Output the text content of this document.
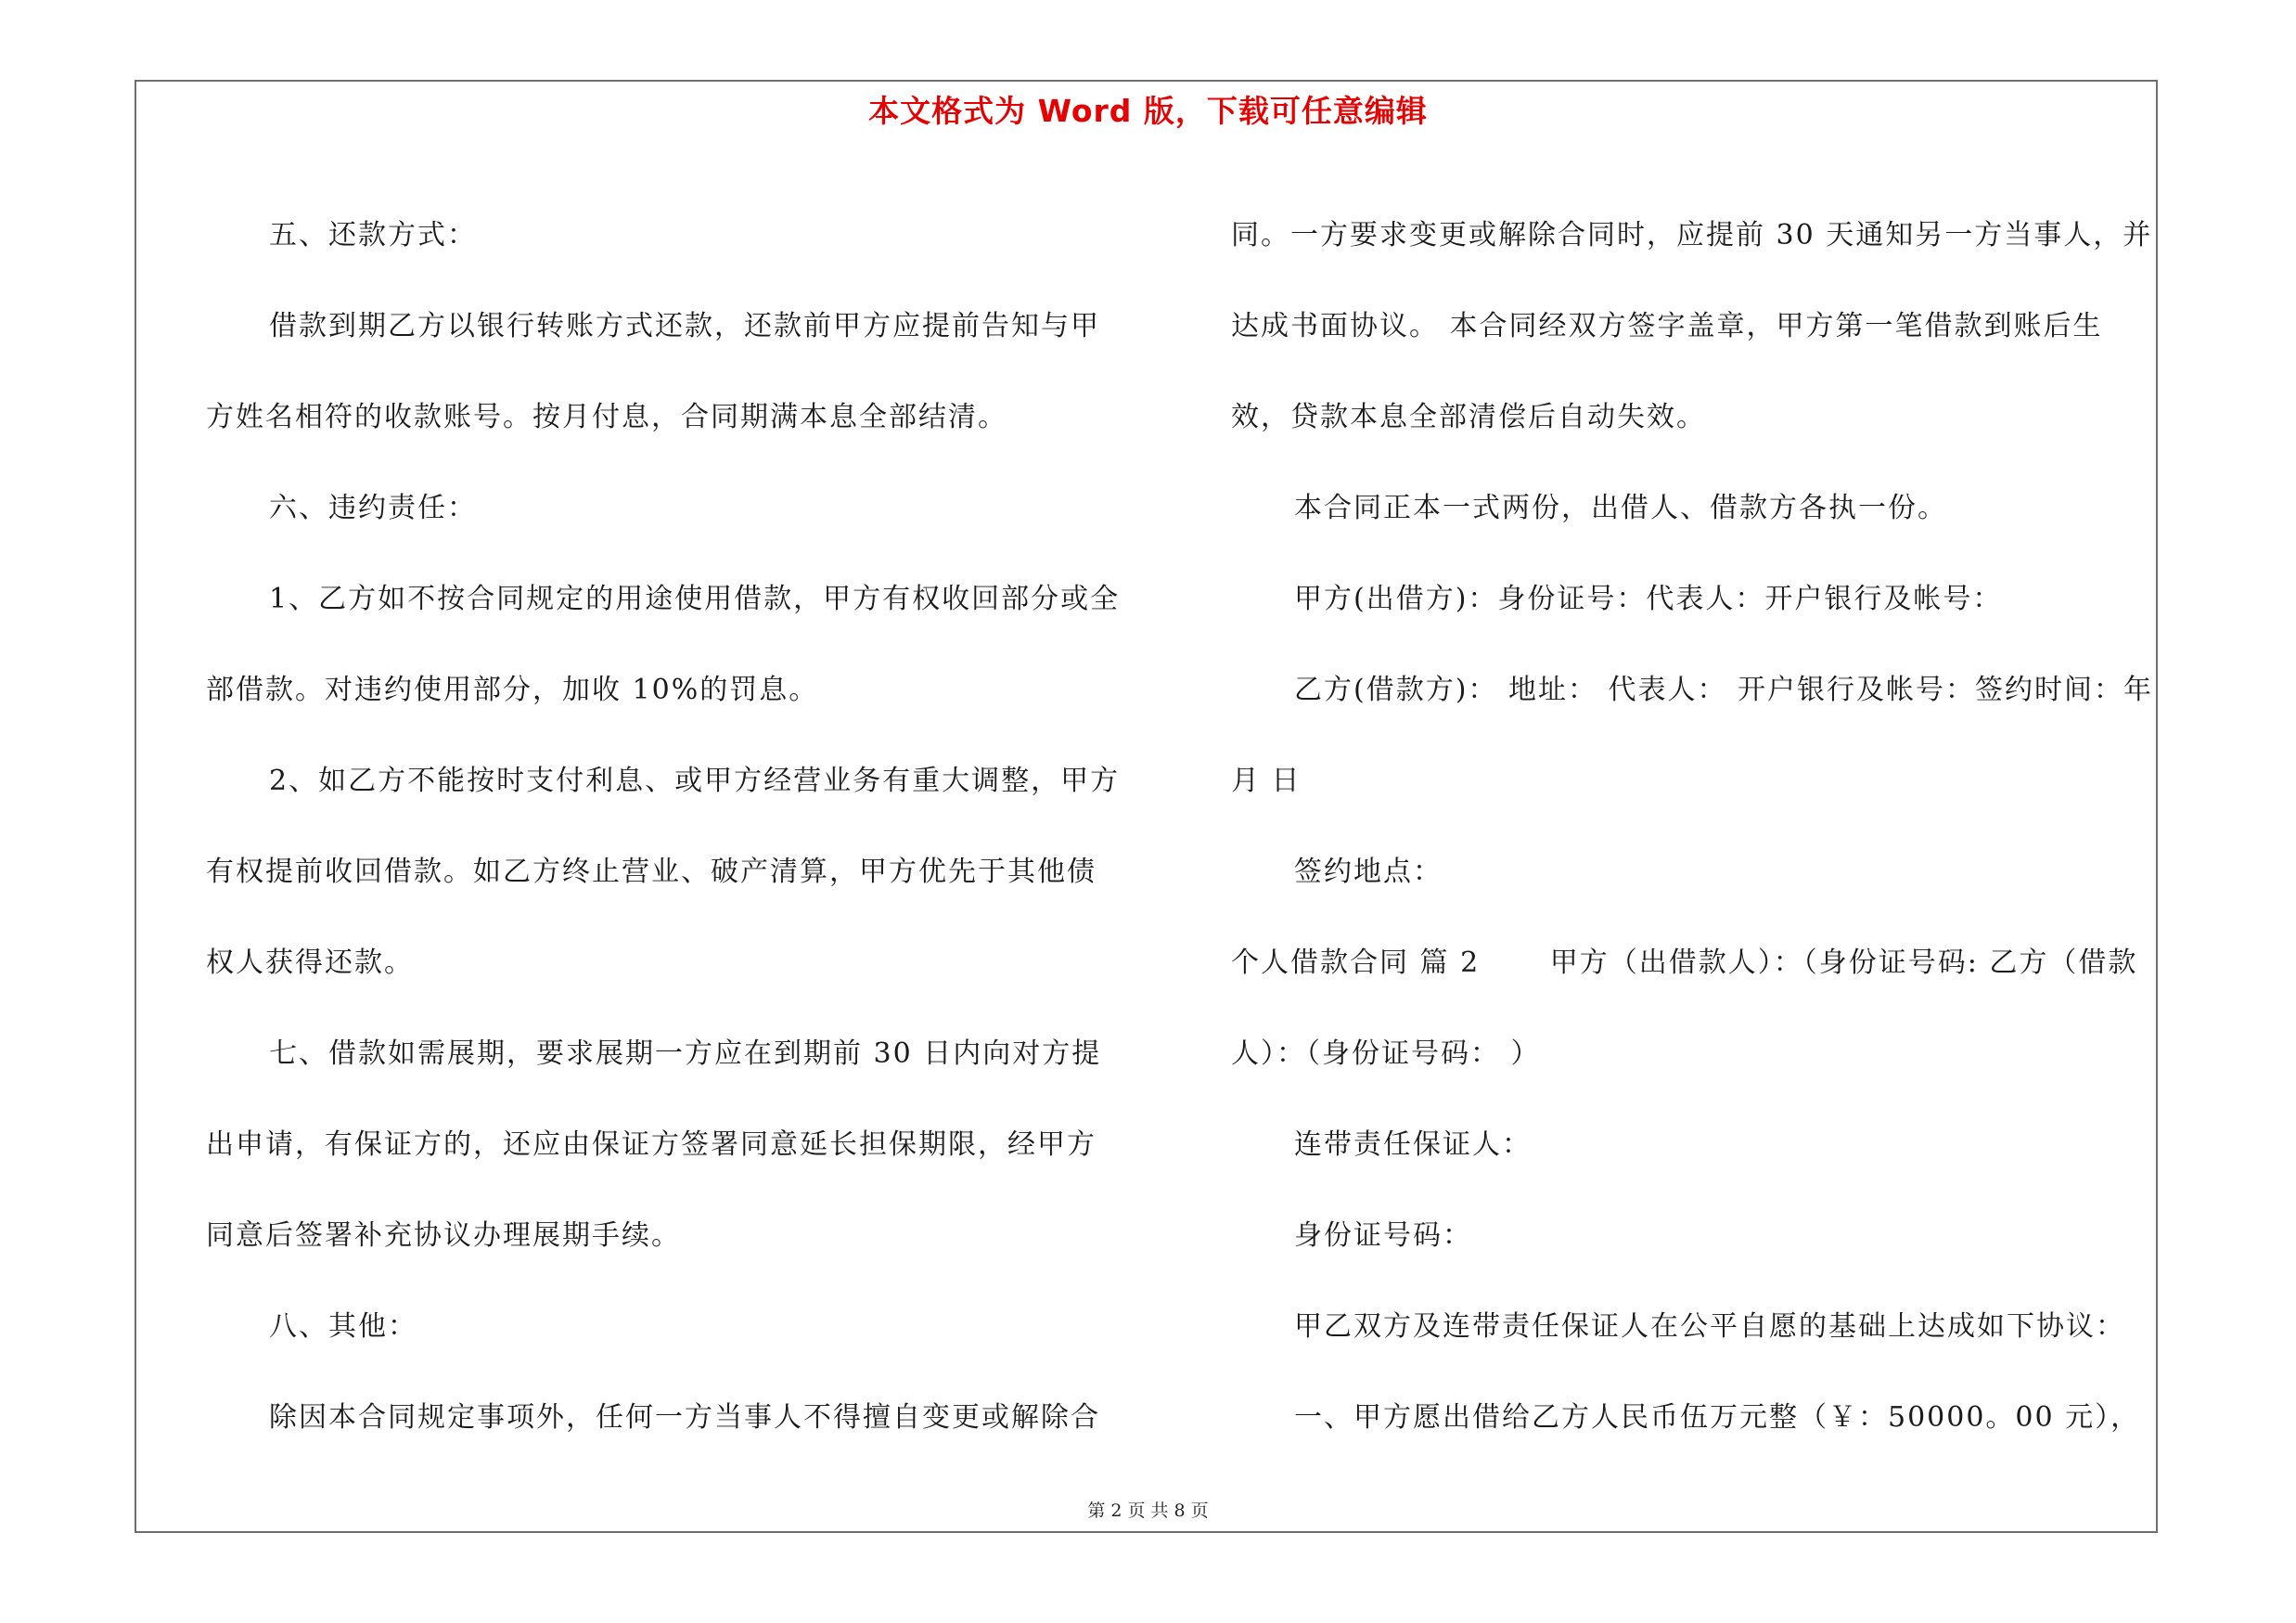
本文格式为 Word 版，下载可任意编辑

五、还款方式：

借款到期乙方以银行转账方式还款，还款前甲方应提前告知与甲方姓名相符的收款账号。按月付息，合同期满本息全部结清。

六、违约责任：

1、乙方如不按合同规定的用途使用借款，甲方有权收回部分或全部借款。对违约使用部分，加收 10%的罚息。

2、如乙方不能按时支付利息、或甲方经营业务有重大调整，甲方有权提前收回借款。如乙方终止营业、破产清算，甲方优先于其他债权人获得还款。

七、借款如需展期，要求展期一方应在到期前 30 日内向对方提出申请，有保证方的，还应由保证方签署同意延长担保期限，经甲方同意后签署补充协议办理展期手续。

八、其他：

除因本合同规定事项外，任何一方当事人不得擅自变更或解除合

同。一方要求变更或解除合同时，应提前 30 天通知另一方当事人，并达成书面协议。 本合同经双方签字盖章，甲方第一笔借款到账后生效，贷款本息全部清偿后自动失效。

本合同正本一式两份，出借人、借款方各执一份。

甲方(出借方)：身份证号：代表人：开户银行及帐号：

乙方(借款方)： 地址： 代表人： 开户银行及帐号：签约时间：年月 日

签约地点：

个人借款合同 篇 2 　　甲方（出借款人）：（身份证号码: 乙方（借款人）：（身份证号码： ）

连带责任保证人：

身份证号码：

甲乙双方及连带责任保证人在公平自愿的基础上达成如下协议：

一、甲方愿出借给乙方人民币伍万元整（￥：50000。00 元），

第 2 页 共 8 页
